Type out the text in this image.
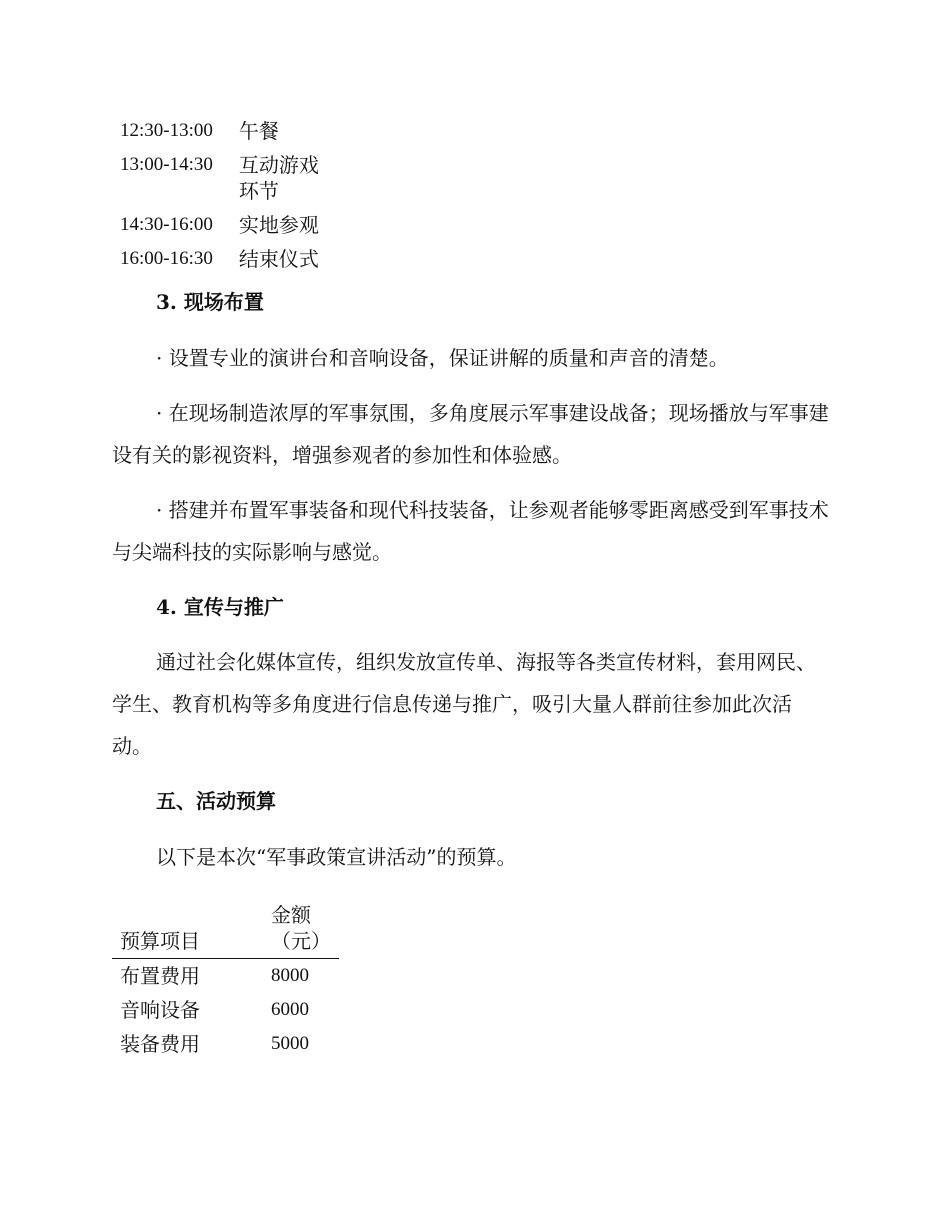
12:30-13:00	午餐
13:00-14:30	互动游戏环节
14:30-16:00	实地参观
16:00-16:30	结束仪式
3. 现场布置

· 设置专业的演讲台和音响设备，保证讲解的质量和声音的清楚。

· 在现场制造浓厚的军事氛围，多角度展示军事建设战备；现场播放与军事建设有关的影视资料，增强参观者的参加性和体验感。

· 搭建并布置军事装备和现代科技装备，让参观者能够零距离感受到军事技术与尖端科技的实际影响与感觉。

4. 宣传与推广

通过社会化媒体宣传，组织发放宣传单、海报等各类宣传材料，套用网民、学生、教育机构等多角度进行信息传递与推广，吸引大量人群前往参加此次活动。

五、活动预算

以下是本次“军事政策宣讲活动”的预算。

预算项目	金额（元）
布置费用	8000
音响设备	6000
装备费用	5000
